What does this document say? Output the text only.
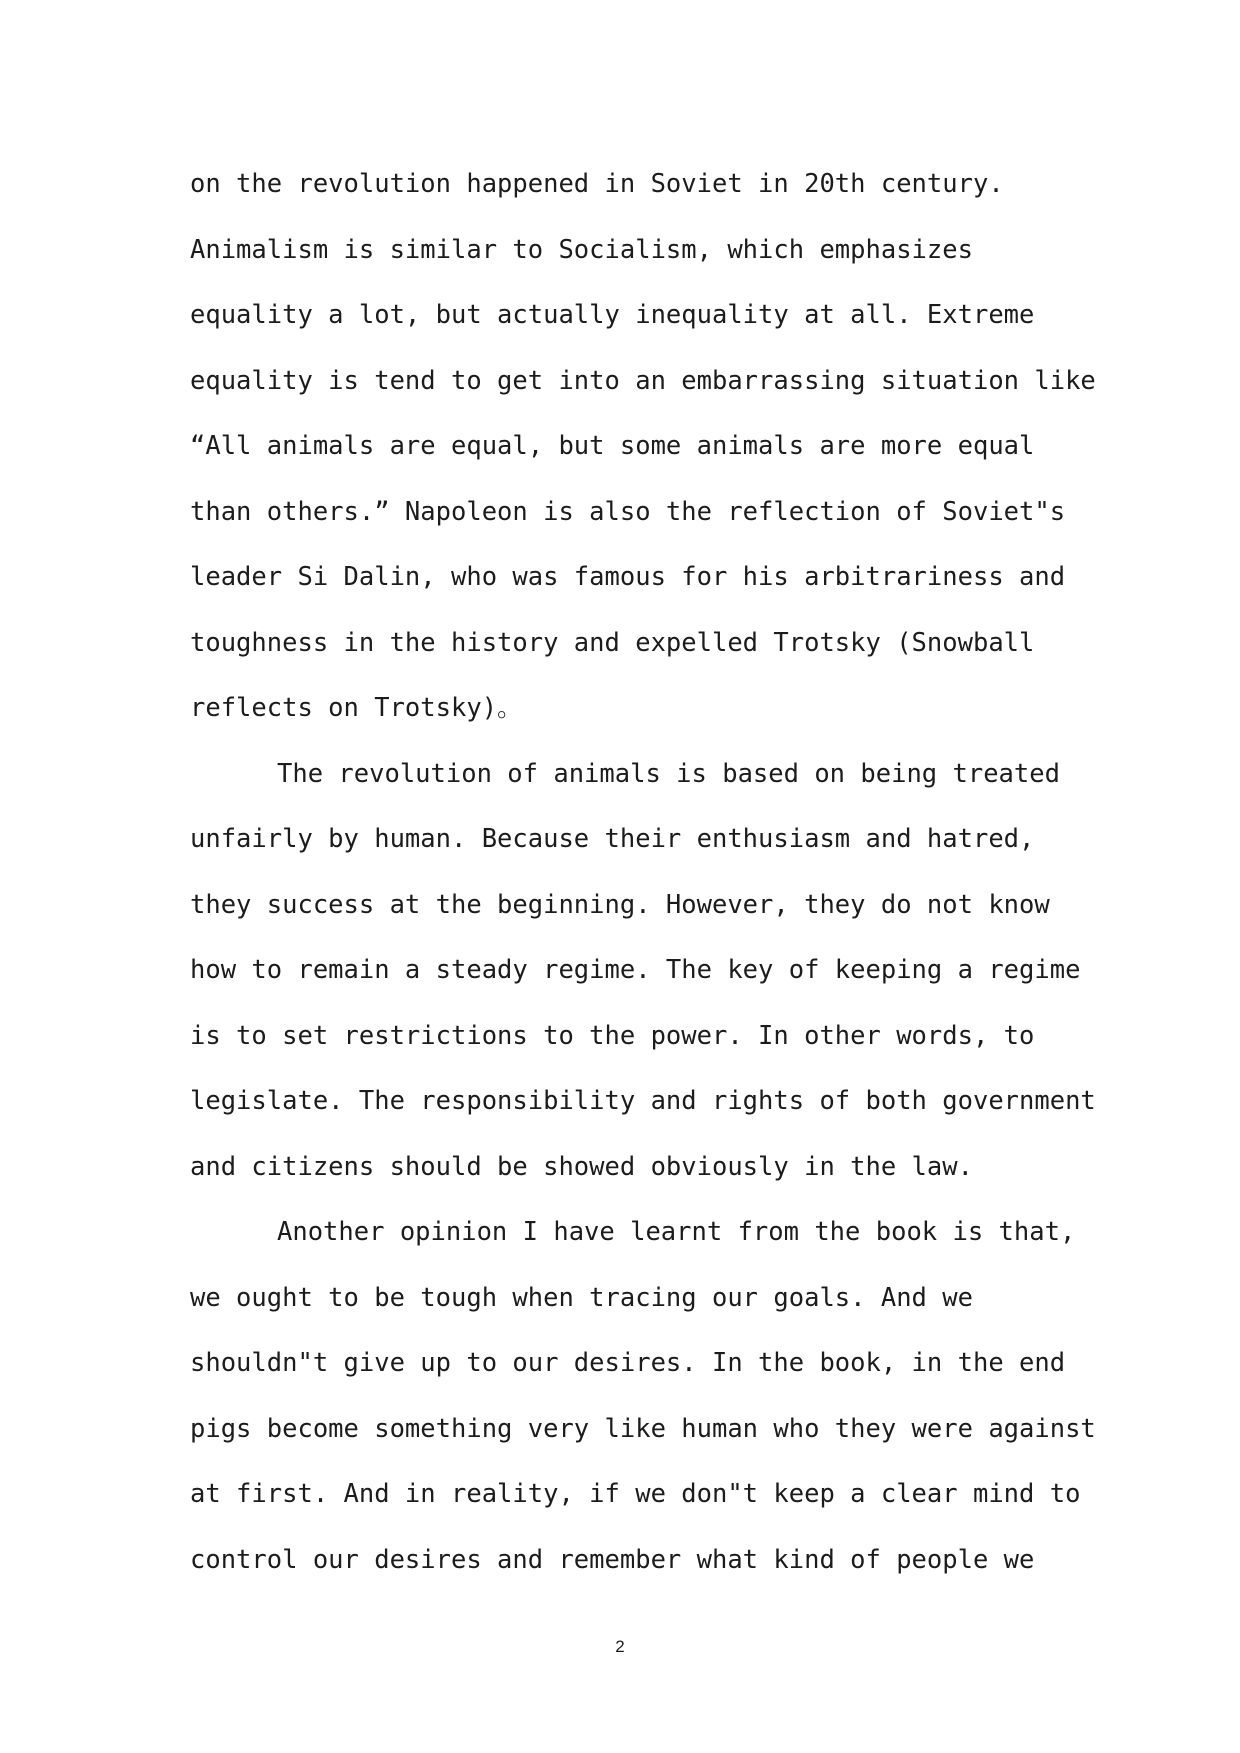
on the revolution happened in Soviet in 20th century.
Animalism is similar to Socialism, which emphasizes
equality a lot, but actually inequality at all. Extreme
equality is tend to get into an embarrassing situation like
“All animals are equal, but some animals are more equal
than others.” Napoleon is also the reflection of Soviet"s
leader Si Dalin, who was famous for his arbitrariness and
toughness in the history and expelled Trotsky (Snowball
reflects on Trotsky)。
The revolution of animals is based on being treated
unfairly by human. Because their enthusiasm and hatred,
they success at the beginning. However, they do not know
how to remain a steady regime. The key of keeping a regime
is to set restrictions to the power. In other words, to
legislate. The responsibility and rights of both government
and citizens should be showed obviously in the law.
Another opinion I have learnt from the book is that,
we ought to be tough when tracing our goals. And we
shouldn"t give up to our desires. In the book, in the end
pigs become something very like human who they were against
at first. And in reality, if we don"t keep a clear mind to
control our desires and remember what kind of people we
2
